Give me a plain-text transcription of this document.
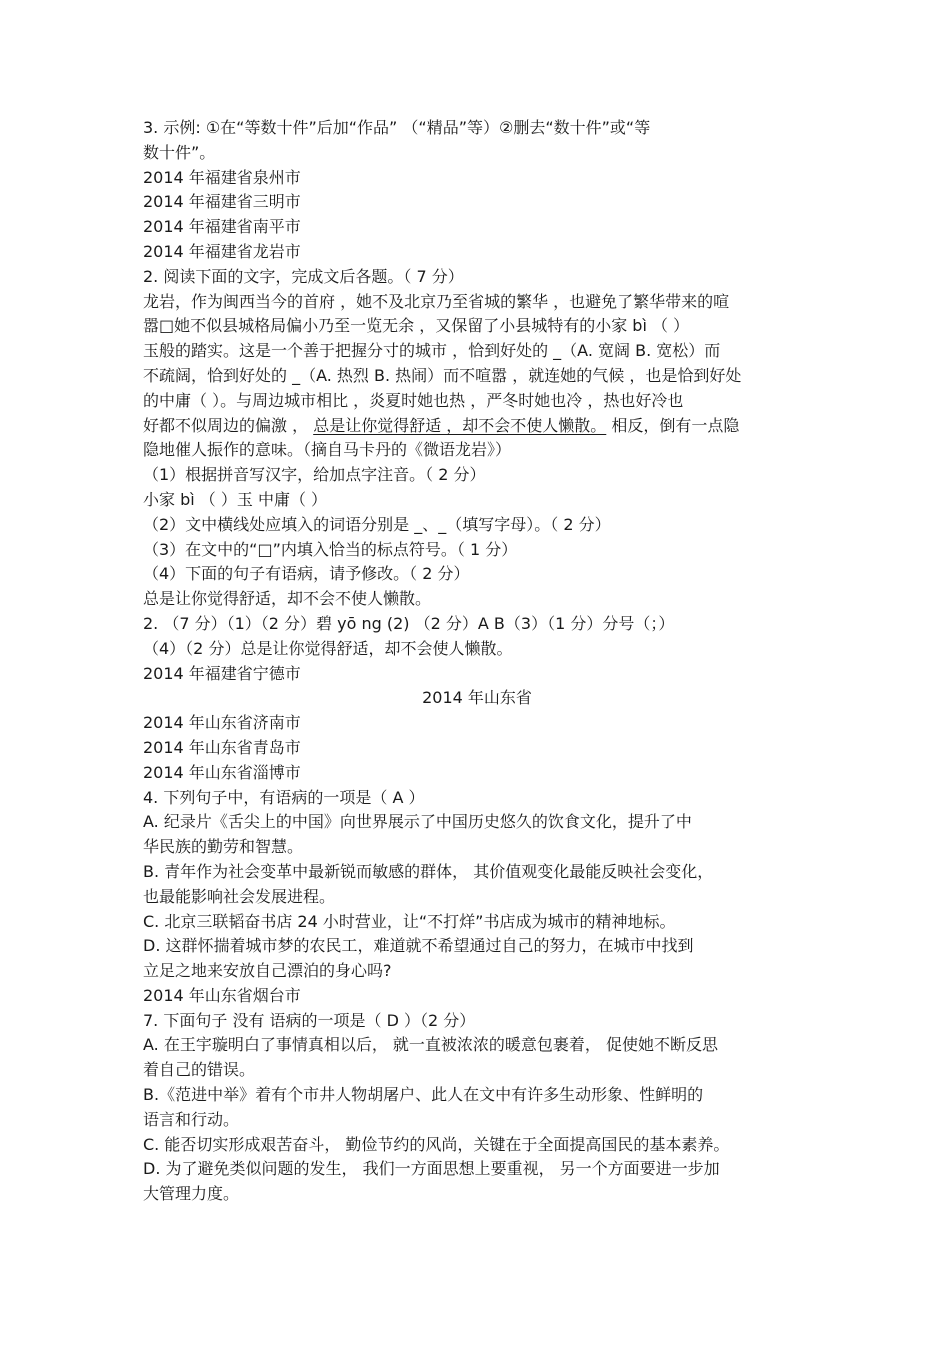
3. 示例: ①在“等数十件”后加“作品” （“精品”等）②删去“数十件”或“等
数十件”。
2014 年福建省泉州市
2014 年福建省三明市
2014 年福建省南平市
2014 年福建省龙岩市
2. 阅读下面的文字，完成文后各题。（ 7 分）
龙岩，作为闽西当今的首府 ，她不及北京乃至省城的繁华 ，也避免了繁华带来的喧
嚣□她不似县城格局偏小乃至一览无余 ，又保留了小县城特有的小家 bì （ ）
玉般的踏实。这是一个善于把握分寸的城市 ，恰到好处的 _（A. 宽阔 B. 宽松）而
不疏阔，恰到好处的 _（A. 热烈 B. 热闹）而不喧嚣 ，就连她的气候 ，也是恰到好处
的中庸（ ）。与周边城市相比 ，炎夏时她也热 ，严冬时她也冷 ，热也好冷也
好都不似周边的偏激 ， 总是让你觉得舒适 ，却不会不使人懒散。 相反，倒有一点隐
隐地催人振作的意味。（摘自马卡丹的《微语龙岩》）
（1）根据拼音写汉字，给加点字注音。（ 2 分）
小家 bì （ ）玉 中庸（ ）
（2）文中横线处应填入的词语分别是 _、_（填写字母）。（ 2 分）
（3）在文中的“□”内填入恰当的标点符号。（ 1 分）
（4）下面的句子有语病，请予修改。（ 2 分）
总是让你觉得舒适，却不会不使人懒散。
2. （7 分）（1）（2 分）碧 yō ng (2) （2 分）A B（3）（1 分）分号（；）
（4）（2 分）总是让你觉得舒适，却不会使人懒散。
2014 年福建省宁德市
2014 年山东省
2014 年山东省济南市
2014 年山东省青岛市
2014 年山东省淄博市
4. 下列句子中，有语病的一项是（ A ）
A. 纪录片《舌尖上的中国》向世界展示了中国历史悠久的饮食文化，提升了中
华民族的勤劳和智慧。
B. 青年作为社会变革中最新锐而敏感的群体， 其价值观变化最能反映社会变化，
也最能影响社会发展进程。
C. 北京三联韬奋书店 24 小时营业，让“不打烊”书店成为城市的精神地标。
D. 这群怀揣着城市梦的农民工，难道就不希望通过自己的努力，在城市中找到
立足之地来安放自己漂泊的身心吗?
2014 年山东省烟台市
7. 下面句子 没有 语病的一项是（ D ）（2 分）
A. 在王宇璇明白了事情真相以后， 就一直被浓浓的暖意包裹着， 促使她不断反思
着自己的错误。
B.《范进中举》着有个市井人物胡屠户、此人在文中有许多生动形象、性鲜明的
语言和行动。
C. 能否切实形成艰苦奋斗， 勤俭节约的风尚，关键在于全面提高国民的基本素养。
D. 为了避免类似问题的发生， 我们一方面思想上要重视， 另一个方面要进一步加
大管理力度。
